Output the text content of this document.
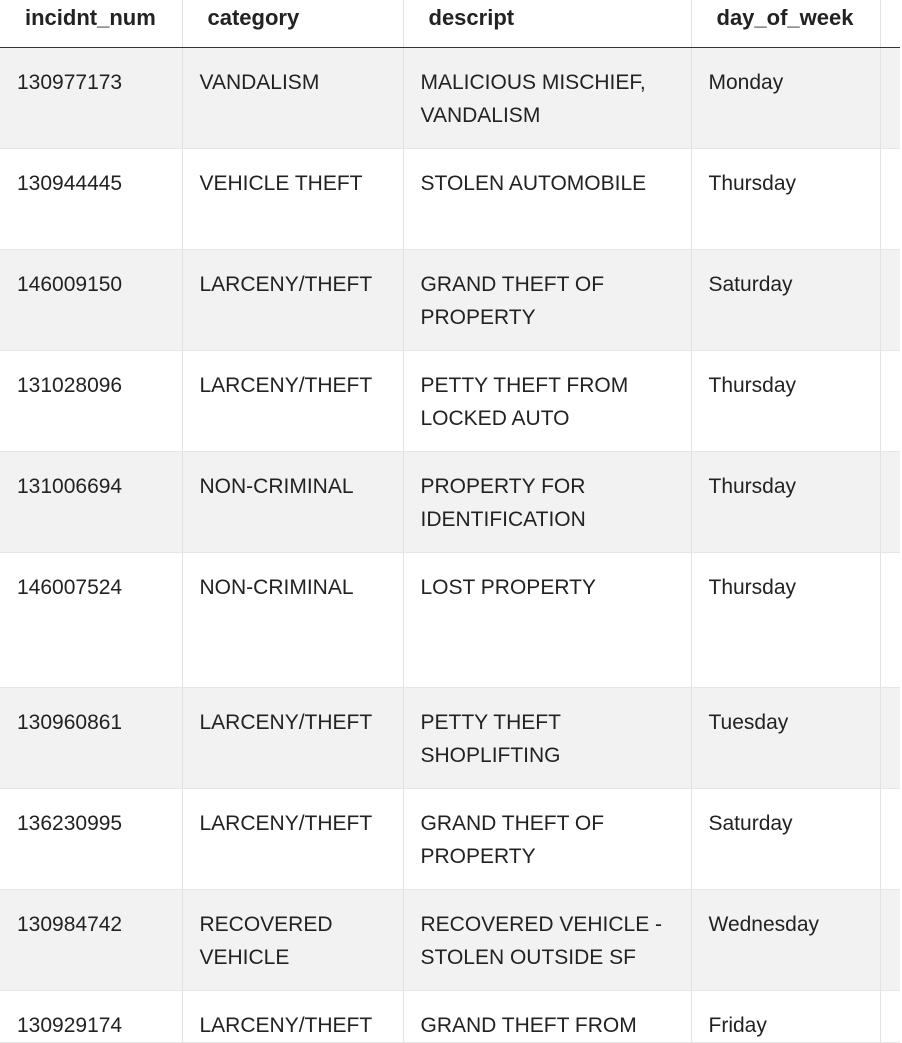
incidnt_num	category	descript	day_of_week	
130977173	VANDALISM	MALICIOUS MISCHIEF, VANDALISM	Monday	
130944445	VEHICLE THEFT	STOLEN AUTOMOBILE	Thursday	
146009150	LARCENY/THEFT	GRAND THEFT OF PROPERTY	Saturday	
131028096	LARCENY/THEFT	PETTY THEFT FROM LOCKED AUTO	Thursday	
131006694	NON-CRIMINAL	PROPERTY FOR IDENTIFICATION	Thursday	
146007524	NON-CRIMINAL	LOST PROPERTY	Thursday	
130960861	LARCENY/THEFT	PETTY THEFT SHOPLIFTING	Tuesday	
136230995	LARCENY/THEFT	GRAND THEFT OF PROPERTY	Saturday	
130984742	RECOVERED VEHICLE	RECOVERED VEHICLE - STOLEN OUTSIDE SF	Wednesday	
130929174	LARCENY/THEFT	GRAND THEFT FROM	Friday	
